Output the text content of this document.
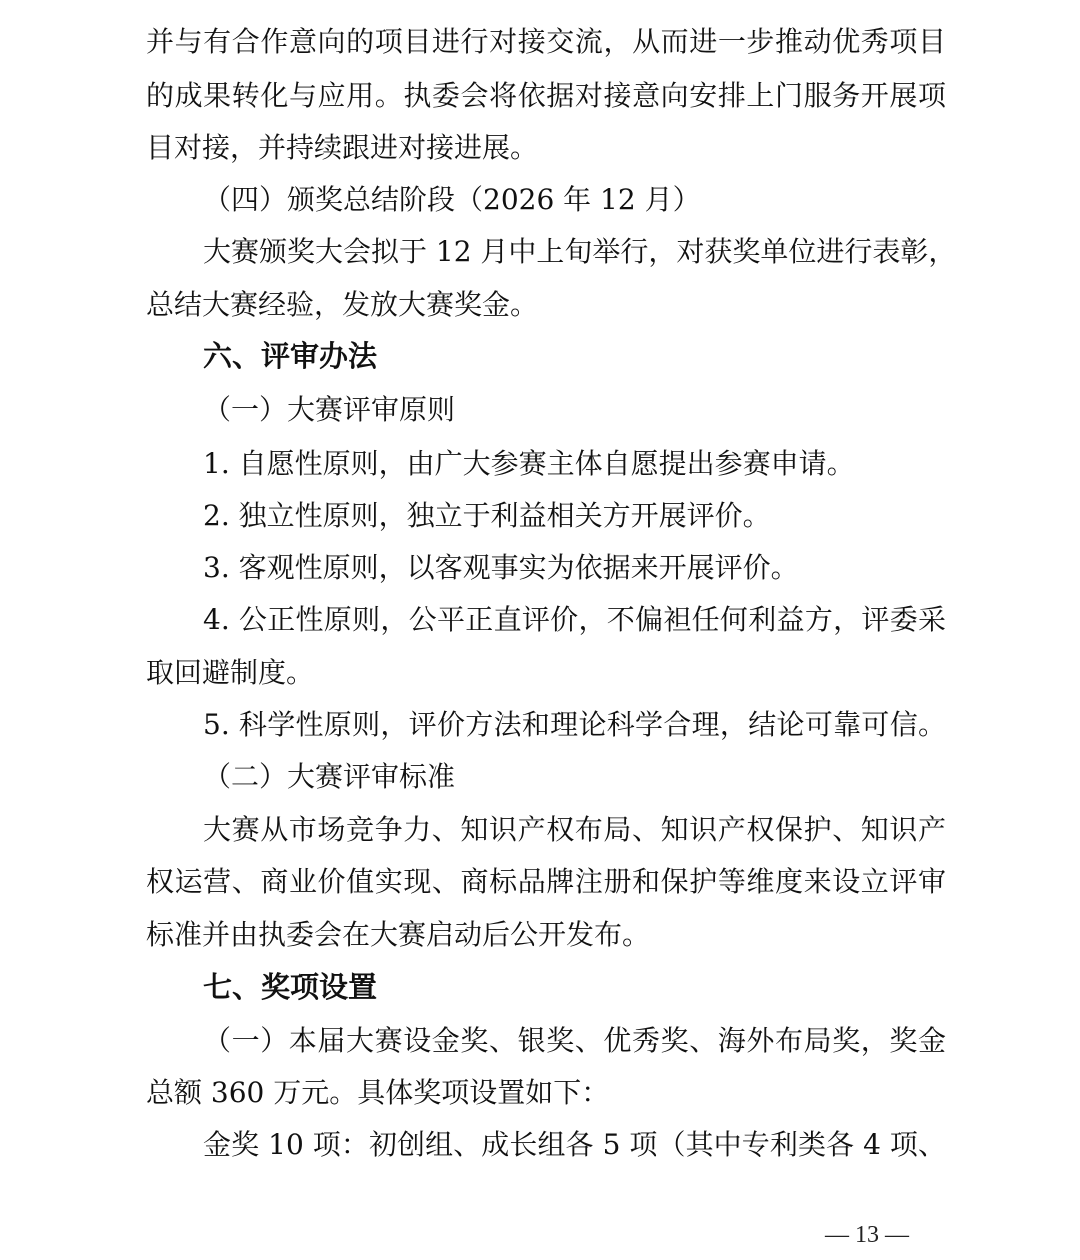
并与有合作意向的项目进行对接交流，从而进一步推动优秀项目
的成果转化与应用。执委会将依据对接意向安排上门服务开展项
目对接，并持续跟进对接进展。
（四）颁奖总结阶段（2026 年 12 月）
大赛颁奖大会拟于 12 月中上旬举行，对获奖单位进行表彰，
总结大赛经验，发放大赛奖金。
六、评审办法
（一）大赛评审原则
1. 自愿性原则，由广大参赛主体自愿提出参赛申请。
2. 独立性原则，独立于利益相关方开展评价。
3. 客观性原则，以客观事实为依据来开展评价。
4. 公正性原则，公平正直评价，不偏袒任何利益方，评委采
取回避制度。
5. 科学性原则，评价方法和理论科学合理，结论可靠可信。
（二）大赛评审标准
大赛从市场竞争力、知识产权布局、知识产权保护、知识产
权运营、商业价值实现、商标品牌注册和保护等维度来设立评审
标准并由执委会在大赛启动后公开发布。
七、奖项设置
（一）本届大赛设金奖、银奖、优秀奖、海外布局奖，奖金
总额 360 万元。具体奖项设置如下：
金奖 10 项：初创组、成长组各 5 项（其中专利类各 4 项、
— 13 —
